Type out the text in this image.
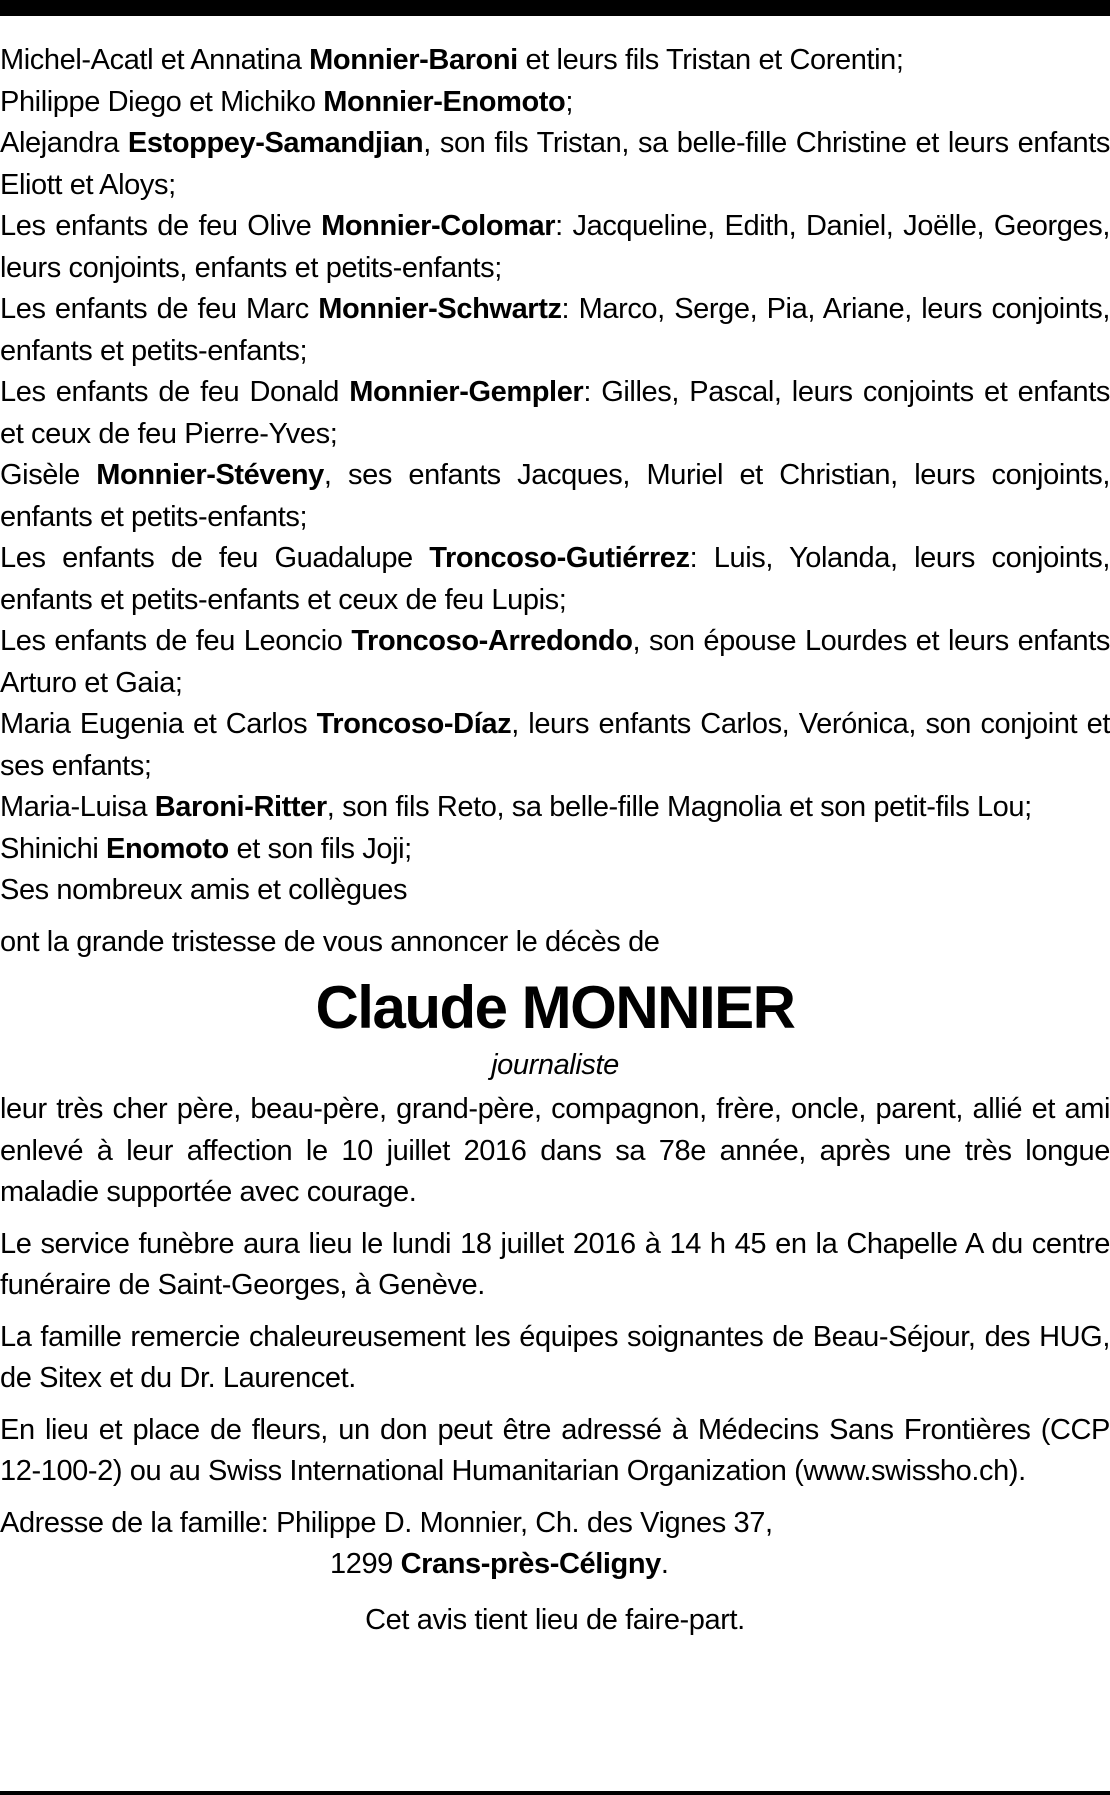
Michel-Acatl et Annatina Monnier-Baroni et leurs fils Tristan et Corentin;
Philippe Diego et Michiko Monnier-Enomoto;
Alejandra Estoppey-Samandjian, son fils Tristan, sa belle-fille Christine et leurs enfants Eliott et Aloys;
Les enfants de feu Olive Monnier-Colomar: Jacqueline, Edith, Daniel, Joëlle, Georges, leurs conjoints, enfants et petits-enfants;
Les enfants de feu Marc Monnier-Schwartz: Marco, Serge, Pia, Ariane, leurs conjoints, enfants et petits-enfants;
Les enfants de feu Donald Monnier-Gempler: Gilles, Pascal, leurs conjoints et enfants et ceux de feu Pierre-Yves;
Gisèle Monnier-Stéveny, ses enfants Jacques, Muriel et Christian, leurs conjoints, enfants et petits-enfants;
Les enfants de feu Guadalupe Troncoso-Gutiérrez: Luis, Yolanda, leurs conjoints, enfants et petits-enfants et ceux de feu Lupis;
Les enfants de feu Leoncio Troncoso-Arredondo, son épouse Lourdes et leurs enfants Arturo et Gaia;
Maria Eugenia et Carlos Troncoso-Díaz, leurs enfants Carlos, Verónica, son conjoint et ses enfants;
Maria-Luisa Baroni-Ritter, son fils Reto, sa belle-fille Magnolia et son petit-fils Lou;
Shinichi Enomoto et son fils Joji;
Ses nombreux amis et collègues

ont la grande tristesse de vous annoncer le décès de

Claude MONNIER

journaliste

leur très cher père, beau-père, grand-père, compagnon, frère, oncle, parent, allié et ami enlevé à leur affection le 10 juillet 2016 dans sa 78e année, après une très longue maladie supportée avec courage.

Le service funèbre aura lieu le lundi 18 juillet 2016 à 14 h 45 en la Chapelle A du centre funéraire de Saint-Georges, à Genève.

La famille remercie chaleureusement les équipes soignantes de Beau-Séjour, des HUG, de Sitex et du Dr. Laurencet.

En lieu et place de fleurs, un don peut être adressé à Médecins Sans Frontières (CCP 12-100-2) ou au Swiss International Humanitarian Organization (www.swissho.ch).

Adresse de la famille: Philippe D. Monnier, Ch. des Vignes 37,
1299 Crans-près-Céligny.

Cet avis tient lieu de faire-part.
